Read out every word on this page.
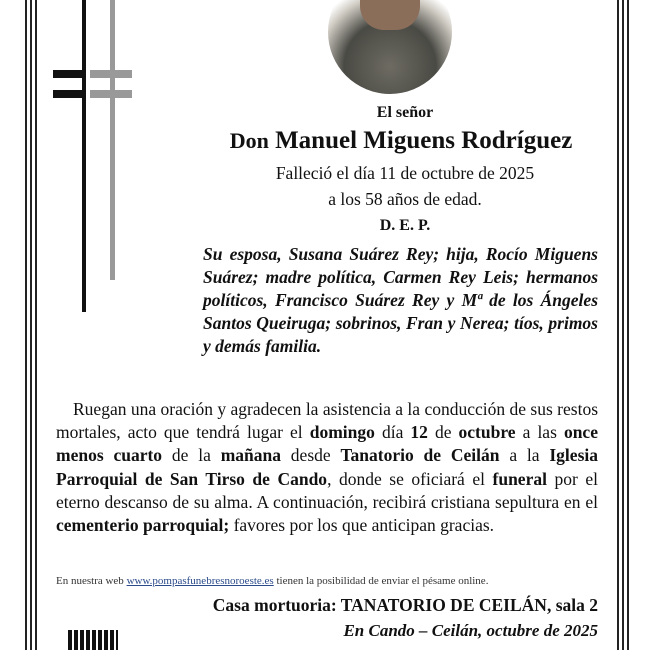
El señor
Don Manuel Miguens Rodríguez
Falleció el día 11 de octubre de 2025
a los 58 años de edad.
D. E. P.
Su esposa, Susana Suárez Rey; hija, Rocío Miguens Suárez; madre política, Carmen Rey Leis; hermanos políticos, Francisco Suárez Rey y Mª de los Ángeles Santos Queiruga; sobrinos, Fran y Nerea; tíos, primos y demás familia.
Ruegan una oración y agradecen la asistencia a la conducción de sus restos mortales, acto que tendrá lugar el domingo día 12 de octubre a las once menos cuarto de la mañana desde Tanatorio de Ceilán a la Iglesia Parroquial de San Tirso de Cando, donde se oficiará el funeral por el eterno descanso de su alma. A continuación, recibirá cristiana sepultura en el cementerio parroquial; favores por los que anticipan gracias.
En nuestra web www.pompasfunebresnoroeste.es tienen la posibilidad de enviar el pésame online.
Casa mortuoria: TANATORIO DE CEILÁN, sala 2
En Cando – Ceilán, octubre de 2025
